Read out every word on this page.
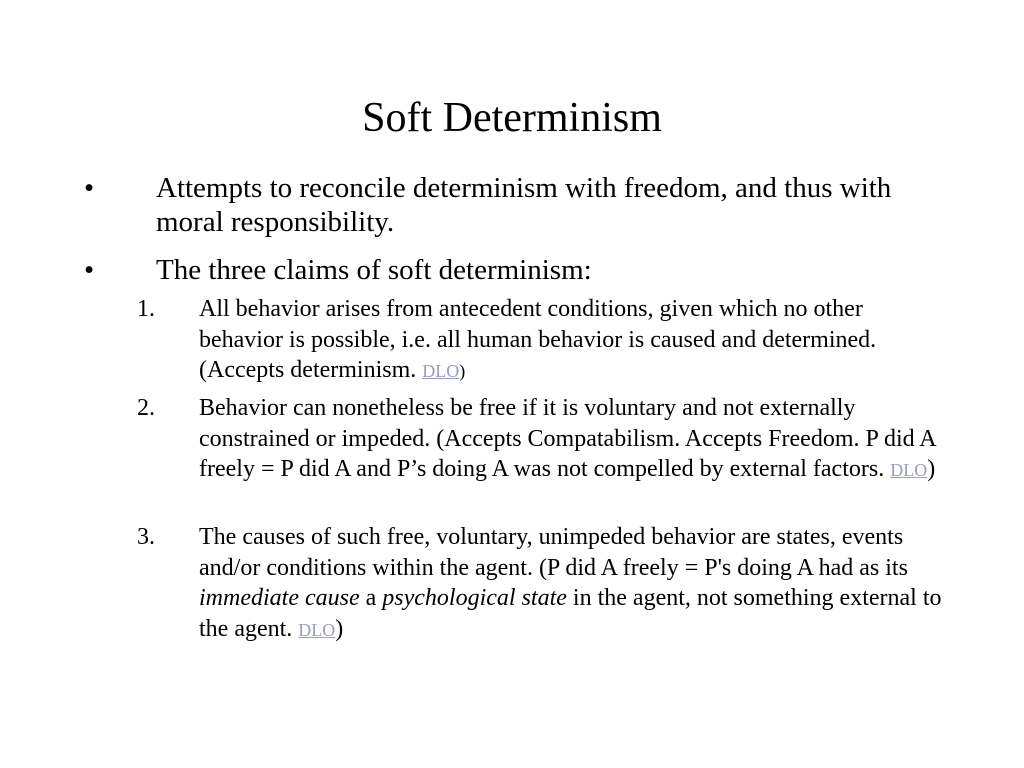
Soft Determinism
• Attempts to reconcile determinism with freedom, and thus with moral responsibility.
• The three claims of soft determinism:
1. All behavior arises from antecedent conditions, given which no other behavior is possible, i.e. all human behavior is caused and determined. (Accepts determinism. DLO)
2. Behavior can nonetheless be free if it is voluntary and not externally constrained or impeded. (Accepts Compatabilism. Accepts Freedom. P did A freely = P did A and P’s doing A was not compelled by external factors. DLO)
3. The causes of such free, voluntary, unimpeded behavior are states, events and/or conditions within the agent. (P did A freely = P's doing A had as its immediate cause a psychological state in the agent, not something external to the agent. DLO)
